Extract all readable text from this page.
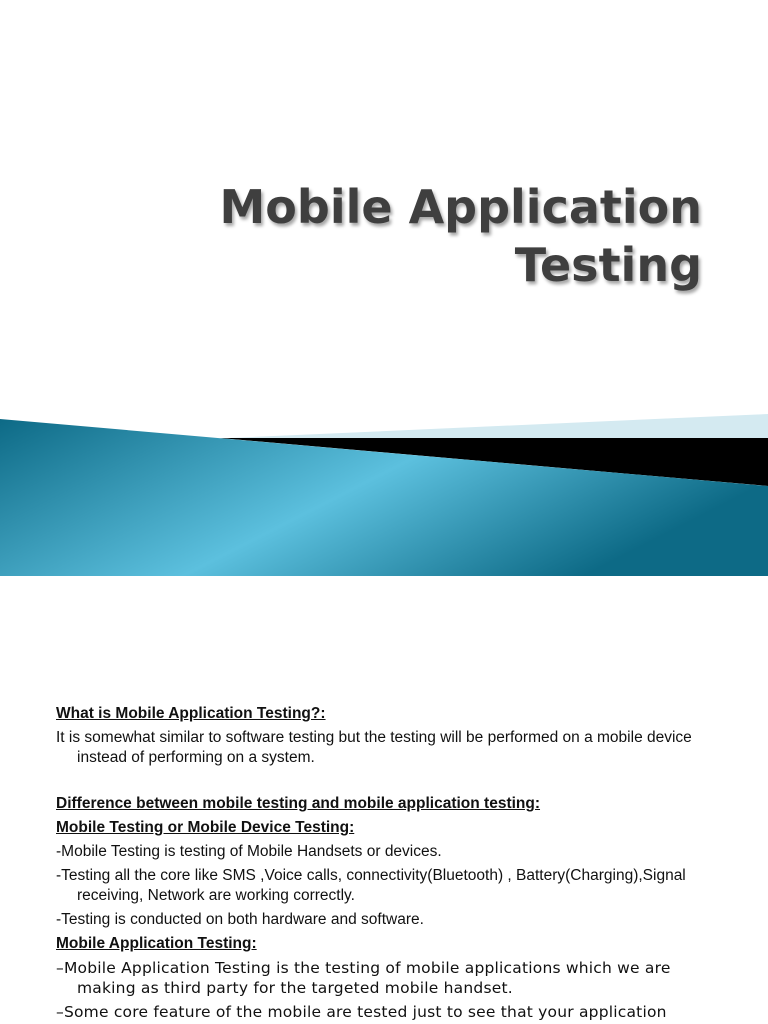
Mobile Application
Testing

What is Mobile Application Testing?:

It is somewhat similar to software testing but the testing will be performed on a mobile device instead of performing on a system.

Difference between mobile testing and mobile application testing:

Mobile Testing or Mobile Device Testing:

-Mobile Testing is testing of Mobile Handsets or devices.

-Testing all the core like SMS ,Voice calls, connectivity(Bluetooth) , Battery(Charging),Signal receiving, Network are working correctly.

-Testing is conducted on both hardware and software.

Mobile Application Testing:

–Mobile Application Testing is the testing of mobile applications which we are making as third party for the targeted mobile handset.

–Some core feature of the mobile are tested just to see that your application
